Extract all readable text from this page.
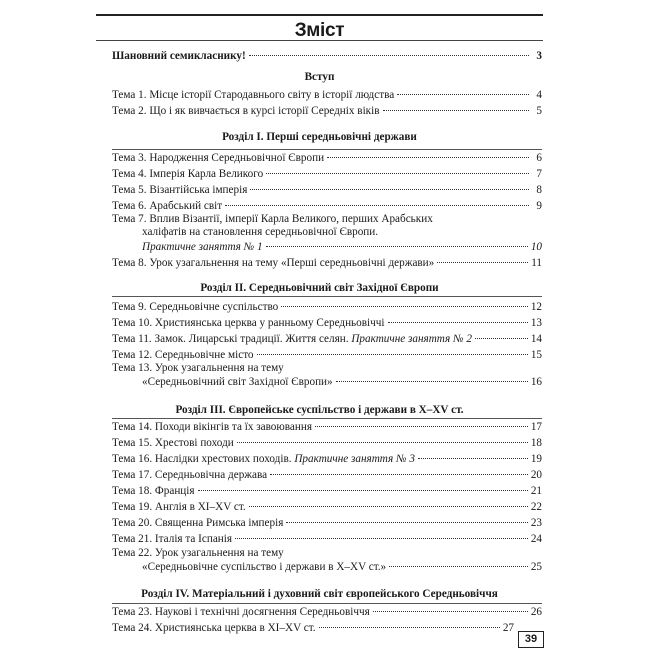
Зміст
Шановний семикласнику!	3
Вступ
Тема 1. Місце історії Стародавнього світу в історії людства	4
Тема 2. Що і як вивчається в курсі історії Середніх віків	5
Розділ І. Перші середньовічні держави
Тема 3. Народження Середньовічної Європи	6
Тема 4. Імперія Карла Великого	7
Тема 5. Візантійська імперія	8
Тема 6. Арабський світ	9
Тема 7. Вплив Візантії, імперії Карла Великого, перших Арабських
халіфатів на становлення середньовічної Європи.
Практичне заняття № 1	10
Тема 8. Урок узагальнення на тему «Перші середньовічні держави»	11
Розділ ІІ. Середньовічний світ Західної Європи
Тема 9. Середньовічне суспільство	12
Тема 10. Християнська церква у ранньому Середньовіччі	13
Тема 11. Замок. Лицарські традиції. Життя селян. Практичне заняття № 2	14
Тема 12. Середньовічне місто	15
Тема 13. Урок узагальнення на тему
«Середньовічний світ Західної Європи»	16
Розділ ІІІ. Європейське суспільство і держави в X–XV ст.
Тема 14. Походи вікінгів та їх завоювання	17
Тема 15. Хрестові походи	18
Тема 16. Наслідки хрестових походів. Практичне заняття № 3	19
Тема 17. Середньовічна держава	20
Тема 18. Франція	21
Тема 19. Англія в XI–XV ст.	22
Тема 20. Священна Римська імперія	23
Тема 21. Італія та Іспанія	24
Тема 22. Урок узагальнення на тему
«Середньовічне суспільство і держави в X–XV ст.»	25
Розділ IV. Матеріальний і духовний світ європейського Середньовіччя
Тема 23. Наукові і технічні досягнення Середньовіччя	26
Тема 24. Християнська церква в XI–XV ст.	27
39
